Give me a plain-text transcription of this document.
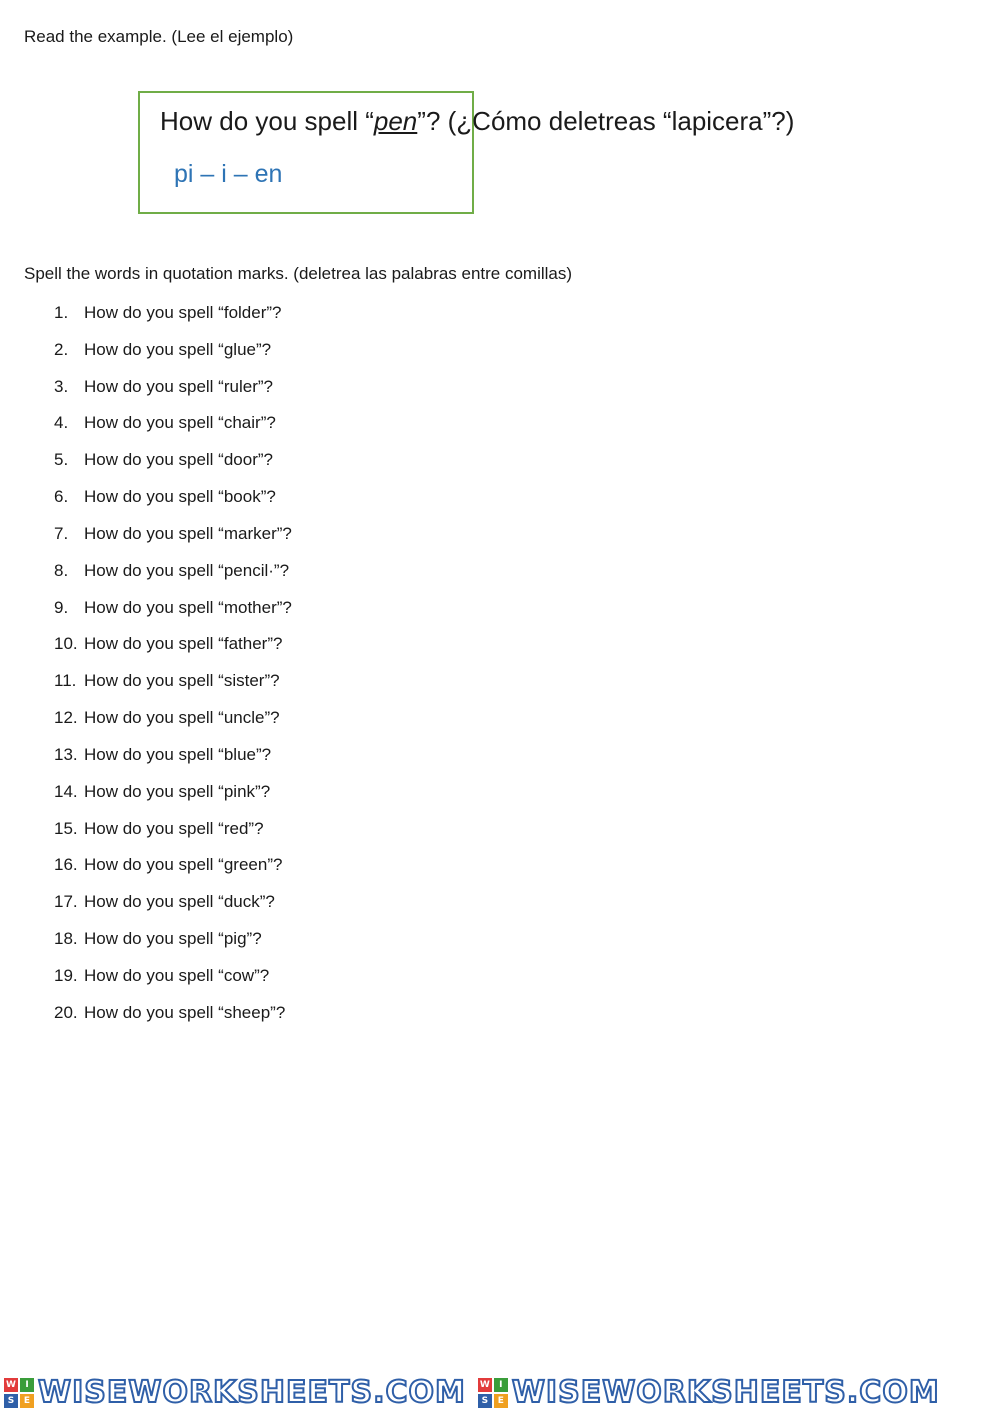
Read the example. (Lee el ejemplo)
How do you spell “pen”? (¿Cómo deletreas “lapicera”?)
pi – i – en
Spell the words in quotation marks. (deletrea las palabras entre comillas)
1. How do you spell “folder”?
2. How do you spell “glue”?
3. How do you spell “ruler”?
4. How do you spell “chair”?
5. How do you spell “door”?
6. How do you spell “book”?
7. How do you spell “marker”?
8. How do you spell “pencil·”?
9. How do you spell “mother”?
10. How do you spell “father”?
11. How do you spell “sister”?
12. How do you spell “uncle”?
13. How do you spell “blue”?
14. How do you spell “pink”?
15. How do you spell “red”?
16. How do you spell “green”?
17. How do you spell “duck”?
18. How do you spell “pig”?
19. How do you spell “cow”?
20. How do you spell “sheep”?
W	I
S	E WISEWORKSHEETS.COM W	I
S	E WISEWORKSHEETS.COM
